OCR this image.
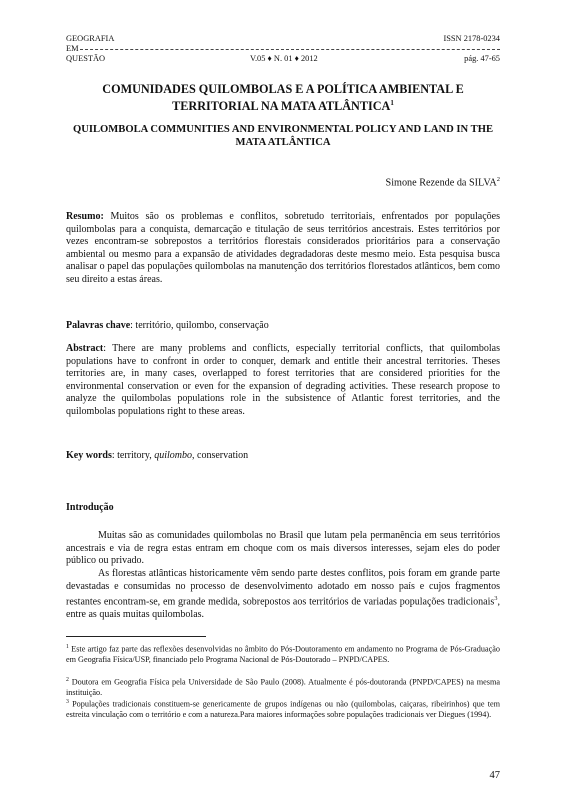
GEOGRAFIA	ISSN 2178-0234
EM
QUESTÃO	V.05 ♦ N. 01 ♦ 2012	pág. 47-65
COMUNIDADES QUILOMBOLAS E A POLÍTICA AMBIENTAL E TERRITORIAL NA MATA ATLÂNTICA$^1$
QUILOMBOLA COMMUNITIES AND ENVIRONMENTAL POLICY AND LAND IN THE MATA ATLÂNTICA
Simone Rezende da SILVA$^2$
Resumo: Muitos são os problemas e conflitos, sobretudo territoriais, enfrentados por populações quilombolas para a conquista, demarcação e titulação de seus territórios ancestrais. Estes territórios por vezes encontram-se sobrepostos a territórios florestais considerados prioritários para a conservação ambiental ou mesmo para a expansão de atividades degradadoras deste mesmo meio. Esta pesquisa busca analisar o papel das populações quilombolas na manutenção dos territórios florestados atlânticos, bem como seu direito a estas áreas.
Palavras chave: território, quilombo, conservação
Abstract: There are many problems and conflicts, especially territorial conflicts, that quilombolas populations have to confront in order to conquer, demark and entitle their ancestral territories. Theses territories are, in many cases, overlapped to forest territories that are considered priorities for the environmental conservation or even for the expansion of degrading activities. These research propose to analyze the quilombolas populations role in the subsistence of Atlantic forest territories, and the quilombolas populations right to these areas.
Key words: territory, quilombo, conservation
Introdução
Muitas são as comunidades quilombolas no Brasil que lutam pela permanência em seus territórios ancestrais e via de regra estas entram em choque com os mais diversos interesses, sejam eles do poder público ou privado.
As florestas atlânticas historicamente vêm sendo parte destes conflitos, pois foram em grande parte devastadas e consumidas no processo de desenvolvimento adotado em nosso país e cujos fragmentos restantes encontram-se, em grande medida, sobrepostos aos territórios de variadas populações tradicionais$^3$, entre as quais muitas quilombolas.
$^1$ Este artigo faz parte das reflexões desenvolvidas no âmbito do Pós-Doutoramento em andamento no Programa de Pós-Graduação em Geografia Física/USP, financiado pelo Programa Nacional de Pós-Doutorado – PNPD/CAPES.
$^2$ Doutora em Geografia Física pela Universidade de São Paulo (2008). Atualmente é pós-doutoranda (PNPD/CAPES) na mesma instituição.
$^3$ Populações tradicionais constituem-se genericamente de grupos indígenas ou não (quilombolas, caiçaras, ribeirinhos) que tem estreita vinculação com o território e com a natureza.Para maiores informações sobre populações tradicionais ver Diegues (1994).
47
